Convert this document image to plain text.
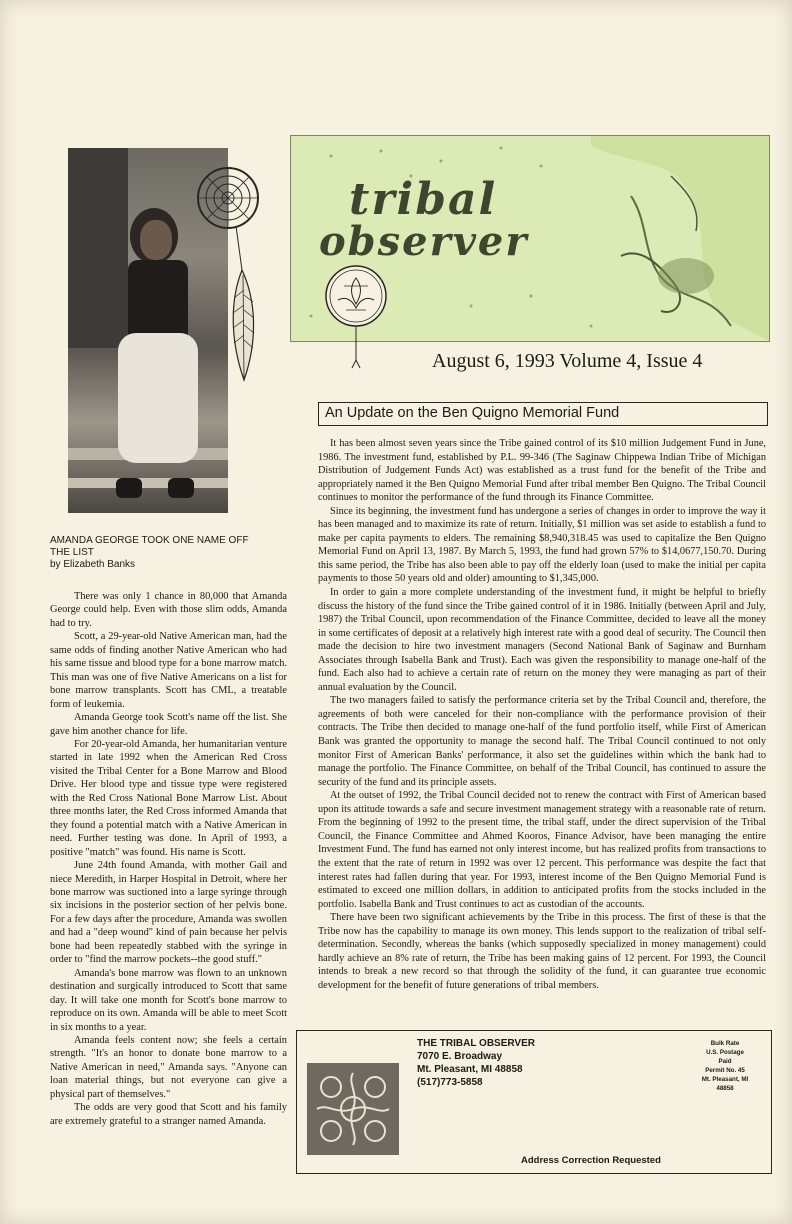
tribal
observer
August 6, 1993 Volume 4, Issue 4
An Update on the Ben Quigno Memorial Fund

It has been almost seven years since the Tribe gained control of its $10 million Judgement Fund in June, 1986. The investment fund, established by P.L. 99-346 (The Saginaw Chippewa Indian Tribe of Michigan Distribution of Judgement Funds Act) was established as a trust fund for the benefit of the Tribe and appropriately named it the Ben Quigno Memorial Fund after tribal member Ben Quigno. The Tribal Council continues to monitor the performance of the fund through its Finance Committee.

Since its beginning, the investment fund has undergone a series of changes in order to improve the way it has been managed and to maximize its rate of return. Initially, $1 million was set aside to establish a fund to make per capita payments to elders. The remaining $8,940,318.45 was used to capitalize the Ben Quigno Memorial Fund on April 13, 1987. By March 5, 1993, the fund had grown 57% to $14,0677,150.70. During this same period, the Tribe has also been able to pay off the elderly loan (used to make the initial per capita payments to those 50 years old and older) amounting to $1,345,000.

In order to gain a more complete understanding of the investment fund, it might be helpful to briefly discuss the history of the fund since the Tribe gained control of it in 1986. Initially (between April and July, 1987) the Tribal Council, upon recommendation of the Finance Committee, decided to leave all the money in some certificates of deposit at a relatively high interest rate with a good deal of security. The Council then made the decision to hire two investment managers (Second National Bank of Saginaw and Burnham Associates through Isabella Bank and Trust). Each was given the responsibility to manage one-half of the fund. Each also had to achieve a certain rate of return on the money they were managing as part of their annual evaluation by the Council.

The two managers failed to satisfy the performance criteria set by the Tribal Council and, therefore, the agreements of both were canceled for their non-compliance with the performance provision of their contracts. The Tribe then decided to manage one-half of the fund portfolio itself, while First of American Bank was granted the opportunity to manage the second half. The Tribal Council continued to not only monitor First of American Banks' performance, it also set the guidelines within which the bank had to manage the portfolio. The Finance Committee, on behalf of the Tribal Council, has continued to assure the security of the fund and its principle assets.

At the outset of 1992, the Tribal Council decided not to renew the contract with First of American based upon its attitude towards a safe and secure investment management strategy with a reasonable rate of return. From the beginning of 1992 to the present time, the tribal staff, under the direct supervision of the Tribal Council, the Finance Committee and Ahmed Kooros, Finance Advisor, have been managing the entire Investment Fund. The fund has earned not only interest income, but has realized profits from transactions to the extent that the rate of return in 1992 was over 12 percent. This performance was despite the fact that interest rates had fallen during that year. For 1993, interest income of the Ben Quigno Memorial Fund is estimated to exceed one million dollars, in addition to anticipated profits from the stocks included in the portfolio. Isabella Bank and Trust continues to act as custodian of the accounts.

There have been two significant achievements by the Tribe in this process. The first of these is that the Tribe now has the capability to manage its own money. This lends support to the realization of tribal self-determination. Secondly, whereas the banks (which supposedly specialized in money management) could hardly achieve an 8% rate of return, the Tribe has been making gains of 12 percent. For 1993, the Council intends to break a new record so that through the solidity of the fund, it can guarantee true economic development for the benefit of future generations of tribal members.

AMANDA GEORGE TOOK ONE NAME OFF THE LIST
by Elizabeth Banks

There was only 1 chance in 80,000 that Amanda George could help. Even with those slim odds, Amanda had to try.

Scott, a 29-year-old Native American man, had the same odds of finding another Native American who had his same tissue and blood type for a bone marrow match. This man was one of five Native Americans on a list for bone marrow transplants. Scott has CML, a treatable form of leukemia.

Amanda George took Scott's name off the list. She gave him another chance for life.

For 20-year-old Amanda, her humanitarian venture started in late 1992 when the American Red Cross visited the Tribal Center for a Bone Marrow and Blood Drive. Her blood type and tissue type were registered with the Red Cross National Bone Marrow List. About three months later, the Red Cross informed Amanda that they found a potential match with a Native American in need. Further testing was done. In April of 1993, a positive "match" was found. His name is Scott.

June 24th found Amanda, with mother Gail and niece Meredith, in Harper Hospital in Detroit, where her bone marrow was suctioned into a large syringe through six incisions in the posterior section of her pelvis bone. For a few days after the procedure, Amanda was swollen and had a "deep wound" kind of pain because her pelvis bone had been repeatedly stabbed with the syringe in order to "find the marrow pockets--the good stuff."

Amanda's bone marrow was flown to an unknown destination and surgically introduced to Scott that same day. It will take one month for Scott's bone marrow to reproduce on its own. Amanda will be able to meet Scott in six months to a year.

Amanda feels content now; she feels a certain strength. "It's an honor to donate bone marrow to a Native American in need," Amanda says. "Anyone can loan material things, but not everyone can give a physical part of themselves."

The odds are very good that Scott and his family are extremely grateful to a stranger named Amanda.

THE TRIBAL OBSERVER
7070 E. Broadway
Mt. Pleasant, MI 48858
(517)773-5858
Bulk Rate
U.S. Postage
Paid
Permit No. 45
Mt. Pleasant, MI
48858
Address Correction Requested
